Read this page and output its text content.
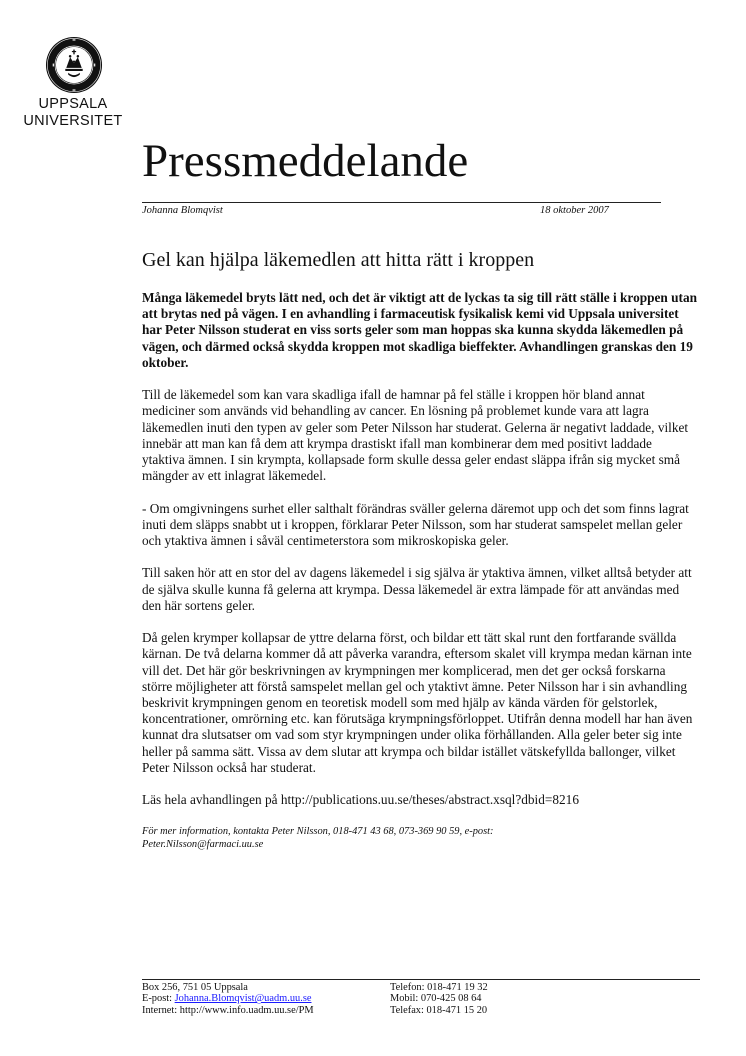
UPPSALA
UNIVERSITET
Pressmeddelande
Johanna Blomqvist	18 oktober 2007
Gel kan hjälpa läkemedlen att hitta rätt i kroppen

Många läkemedel bryts lätt ned, och det är viktigt att de lyckas ta sig till rätt ställe i kroppen utan att brytas ned på vägen. I en avhandling i farmaceutisk fysikalisk kemi vid Uppsala universitet har Peter Nilsson studerat en viss sorts geler som man hoppas ska kunna skydda läkemedlen på vägen, och därmed också skydda kroppen mot skadliga bieffekter. Avhandlingen granskas den 19 oktober.

Till de läkemedel som kan vara skadliga ifall de hamnar på fel ställe i kroppen hör bland annat mediciner som används vid behandling av cancer. En lösning på problemet kunde vara att lagra läkemedlen inuti den typen av geler som Peter Nilsson har studerat. Gelerna är negativt laddade, vilket innebär att man kan få dem att krympa drastiskt ifall man kombinerar dem med positivt laddade ytaktiva ämnen. I sin krympta, kollapsade form skulle dessa geler endast släppa ifrån sig mycket små mängder av ett inlagrat läkemedel.

- Om omgivningens surhet eller salthalt förändras sväller gelerna däremot upp och det som finns lagrat inuti dem släpps snabbt ut i kroppen, förklarar Peter Nilsson, som har studerat samspelet mellan geler och ytaktiva ämnen i såväl centimeterstora som mikroskopiska geler.

Till saken hör att en stor del av dagens läkemedel i sig själva är ytaktiva ämnen, vilket alltså betyder att de själva skulle kunna få gelerna att krympa. Dessa läkemedel är extra lämpade för att användas med den här sortens geler.

Då gelen krymper kollapsar de yttre delarna först, och bildar ett tätt skal runt den fortfarande svällda kärnan. De två delarna kommer då att påverka varandra, eftersom skalet vill krympa medan kärnan inte vill det. Det här gör beskrivningen av krympningen mer komplicerad, men det ger också forskarna större möjligheter att förstå samspelet mellan gel och ytaktivt ämne. Peter Nilsson har i sin avhandling beskrivit krympningen genom en teoretisk modell som med hjälp av kända värden för gelstorlek, koncentrationer, omrörning etc. kan förutsäga krympningsförloppet. Utifrån denna modell har han även kunnat dra slutsatser om vad som styr krympningen under olika förhållanden. Alla geler beter sig inte heller på samma sätt. Vissa av dem slutar att krympa och bildar istället vätskefyllda ballonger, vilket Peter Nilsson också har studerat.

Läs hela avhandlingen på http://publications.uu.se/theses/abstract.xsql?dbid=8216

För mer information, kontakta Peter Nilsson, 018-471 43 68, 073-369 90 59, e-post:
Peter.Nilsson@farmaci.uu.se
Box 256, 751 05 Uppsala
E-post: Johanna.Blomqvist@uadm.uu.se
Internet: http://www.info.uadm.uu.se/PM
Telefon: 018-471 19 32
Mobil: 070-425 08 64
Telefax: 018-471 15 20
